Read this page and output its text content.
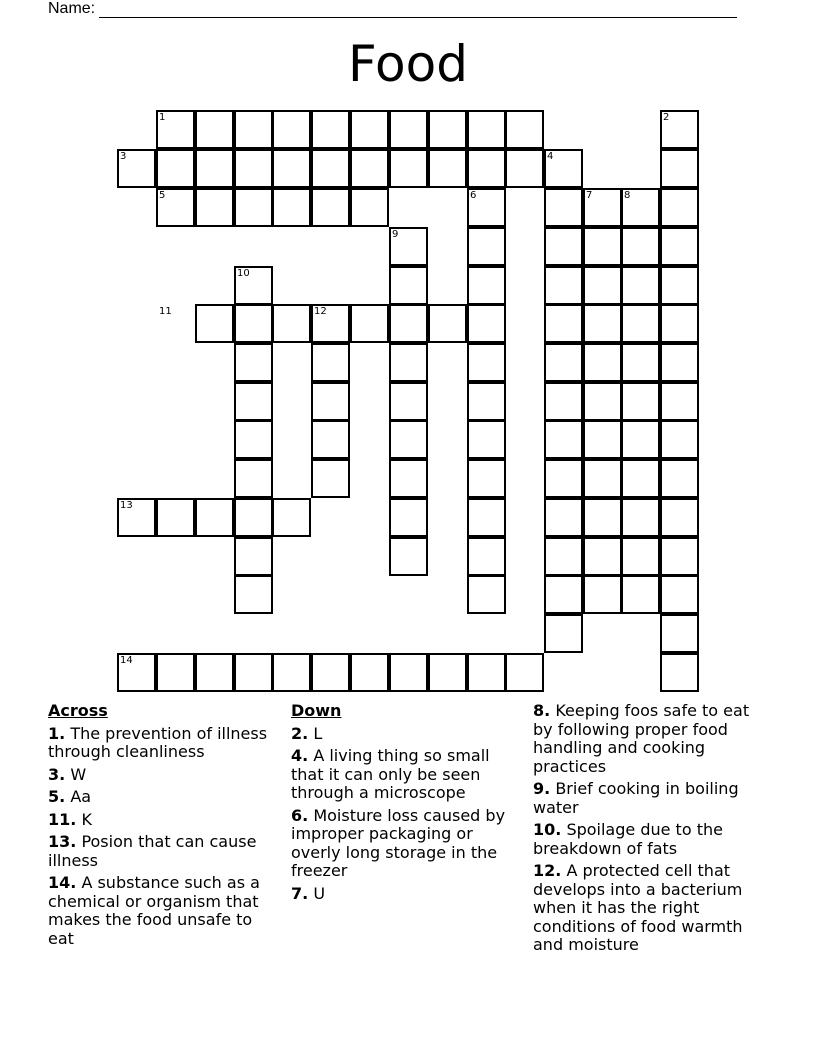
Name:
Food
1	2
3	4
5	6	7	8
9
10
11	12
13
14
Across
1. The prevention of illness through cleanliness
3. W
5. Aa
11. K
13. Posion that can cause illness
14. A substance such as a chemical or organism that makes the food unsafe to eat
Down
2. L
4. A living thing so small that it can only be seen through a microscope
6. Moisture loss caused by improper packaging or overly long storage in the freezer
7. U
8. Keeping foos safe to eat by following proper food handling and cooking practices
9. Brief cooking in boiling water
10. Spoilage due to the breakdown of fats
12. A protected cell that develops into a bacterium when it has the right conditions of food warmth and moisture
